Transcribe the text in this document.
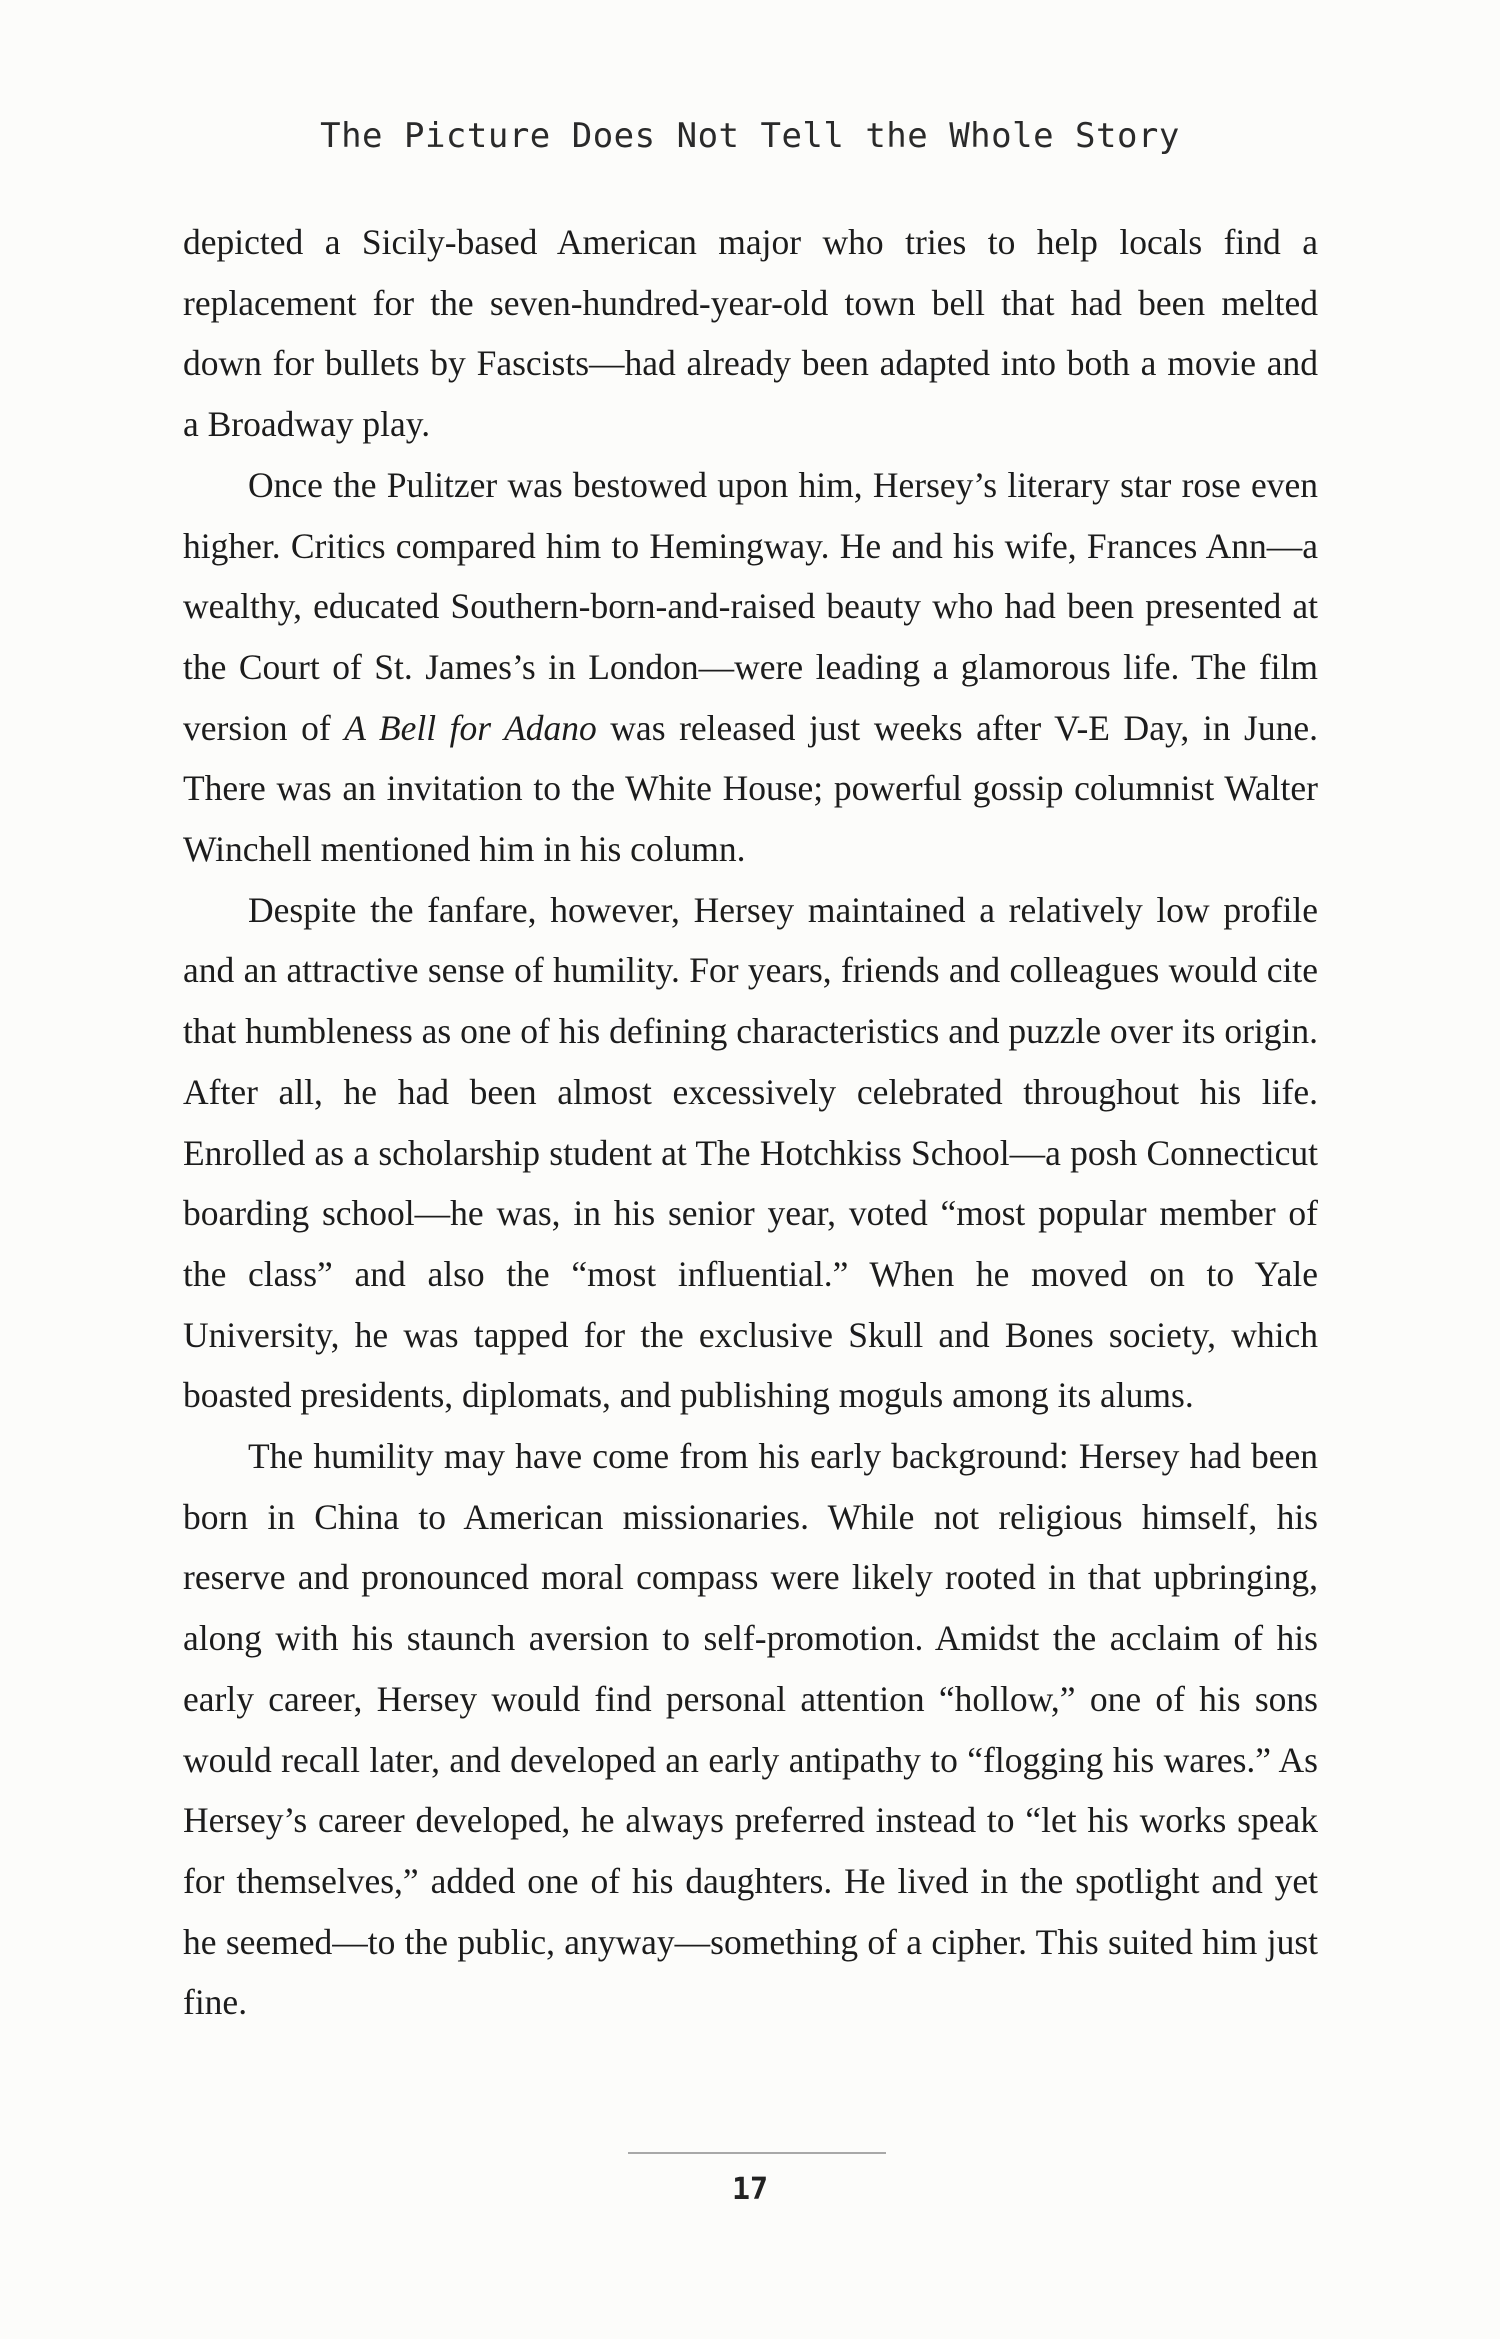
The Picture Does Not Tell the Whole Story

depicted a Sicily-based American major who tries to help locals find a replacement for the seven-hundred-year-old town bell that had been melted down for bullets by Fascists—had already been adapted into both a movie and a Broadway play.

Once the Pulitzer was bestowed upon him, Hersey’s literary star rose even higher. Critics compared him to Hemingway. He and his wife, Frances Ann—a wealthy, educated Southern-born-and-raised beauty who had been presented at the Court of St. James’s in London—were leading a glamorous life. The film version of A Bell for Adano was released just weeks after V-E Day, in June. There was an invitation to the White House; powerful gossip columnist Walter Winchell mentioned him in his column.

Despite the fanfare, however, Hersey maintained a relatively low profile and an attractive sense of humility. For years, friends and colleagues would cite that humbleness as one of his defining characteristics and puzzle over its origin. After all, he had been almost excessively celebrated throughout his life. Enrolled as a scholarship student at The Hotchkiss School—a posh Connecticut boarding school—he was, in his senior year, voted “most popular member of the class” and also the “most influential.” When he moved on to Yale University, he was tapped for the exclusive Skull and Bones society, which boasted presidents, diplomats, and publishing moguls among its alums.

The humility may have come from his early background: Hersey had been born in China to American missionaries. While not religious himself, his reserve and pronounced moral compass were likely rooted in that upbringing, along with his staunch aversion to self-promotion. Amidst the acclaim of his early career, Hersey would find personal attention “hollow,” one of his sons would recall later, and developed an early antipathy to “flogging his wares.” As Hersey’s career developed, he always preferred instead to “let his works speak for themselves,” added one of his daughters. He lived in the spotlight and yet he seemed—to the public, anyway—something of a cipher. This suited him just fine.

17
